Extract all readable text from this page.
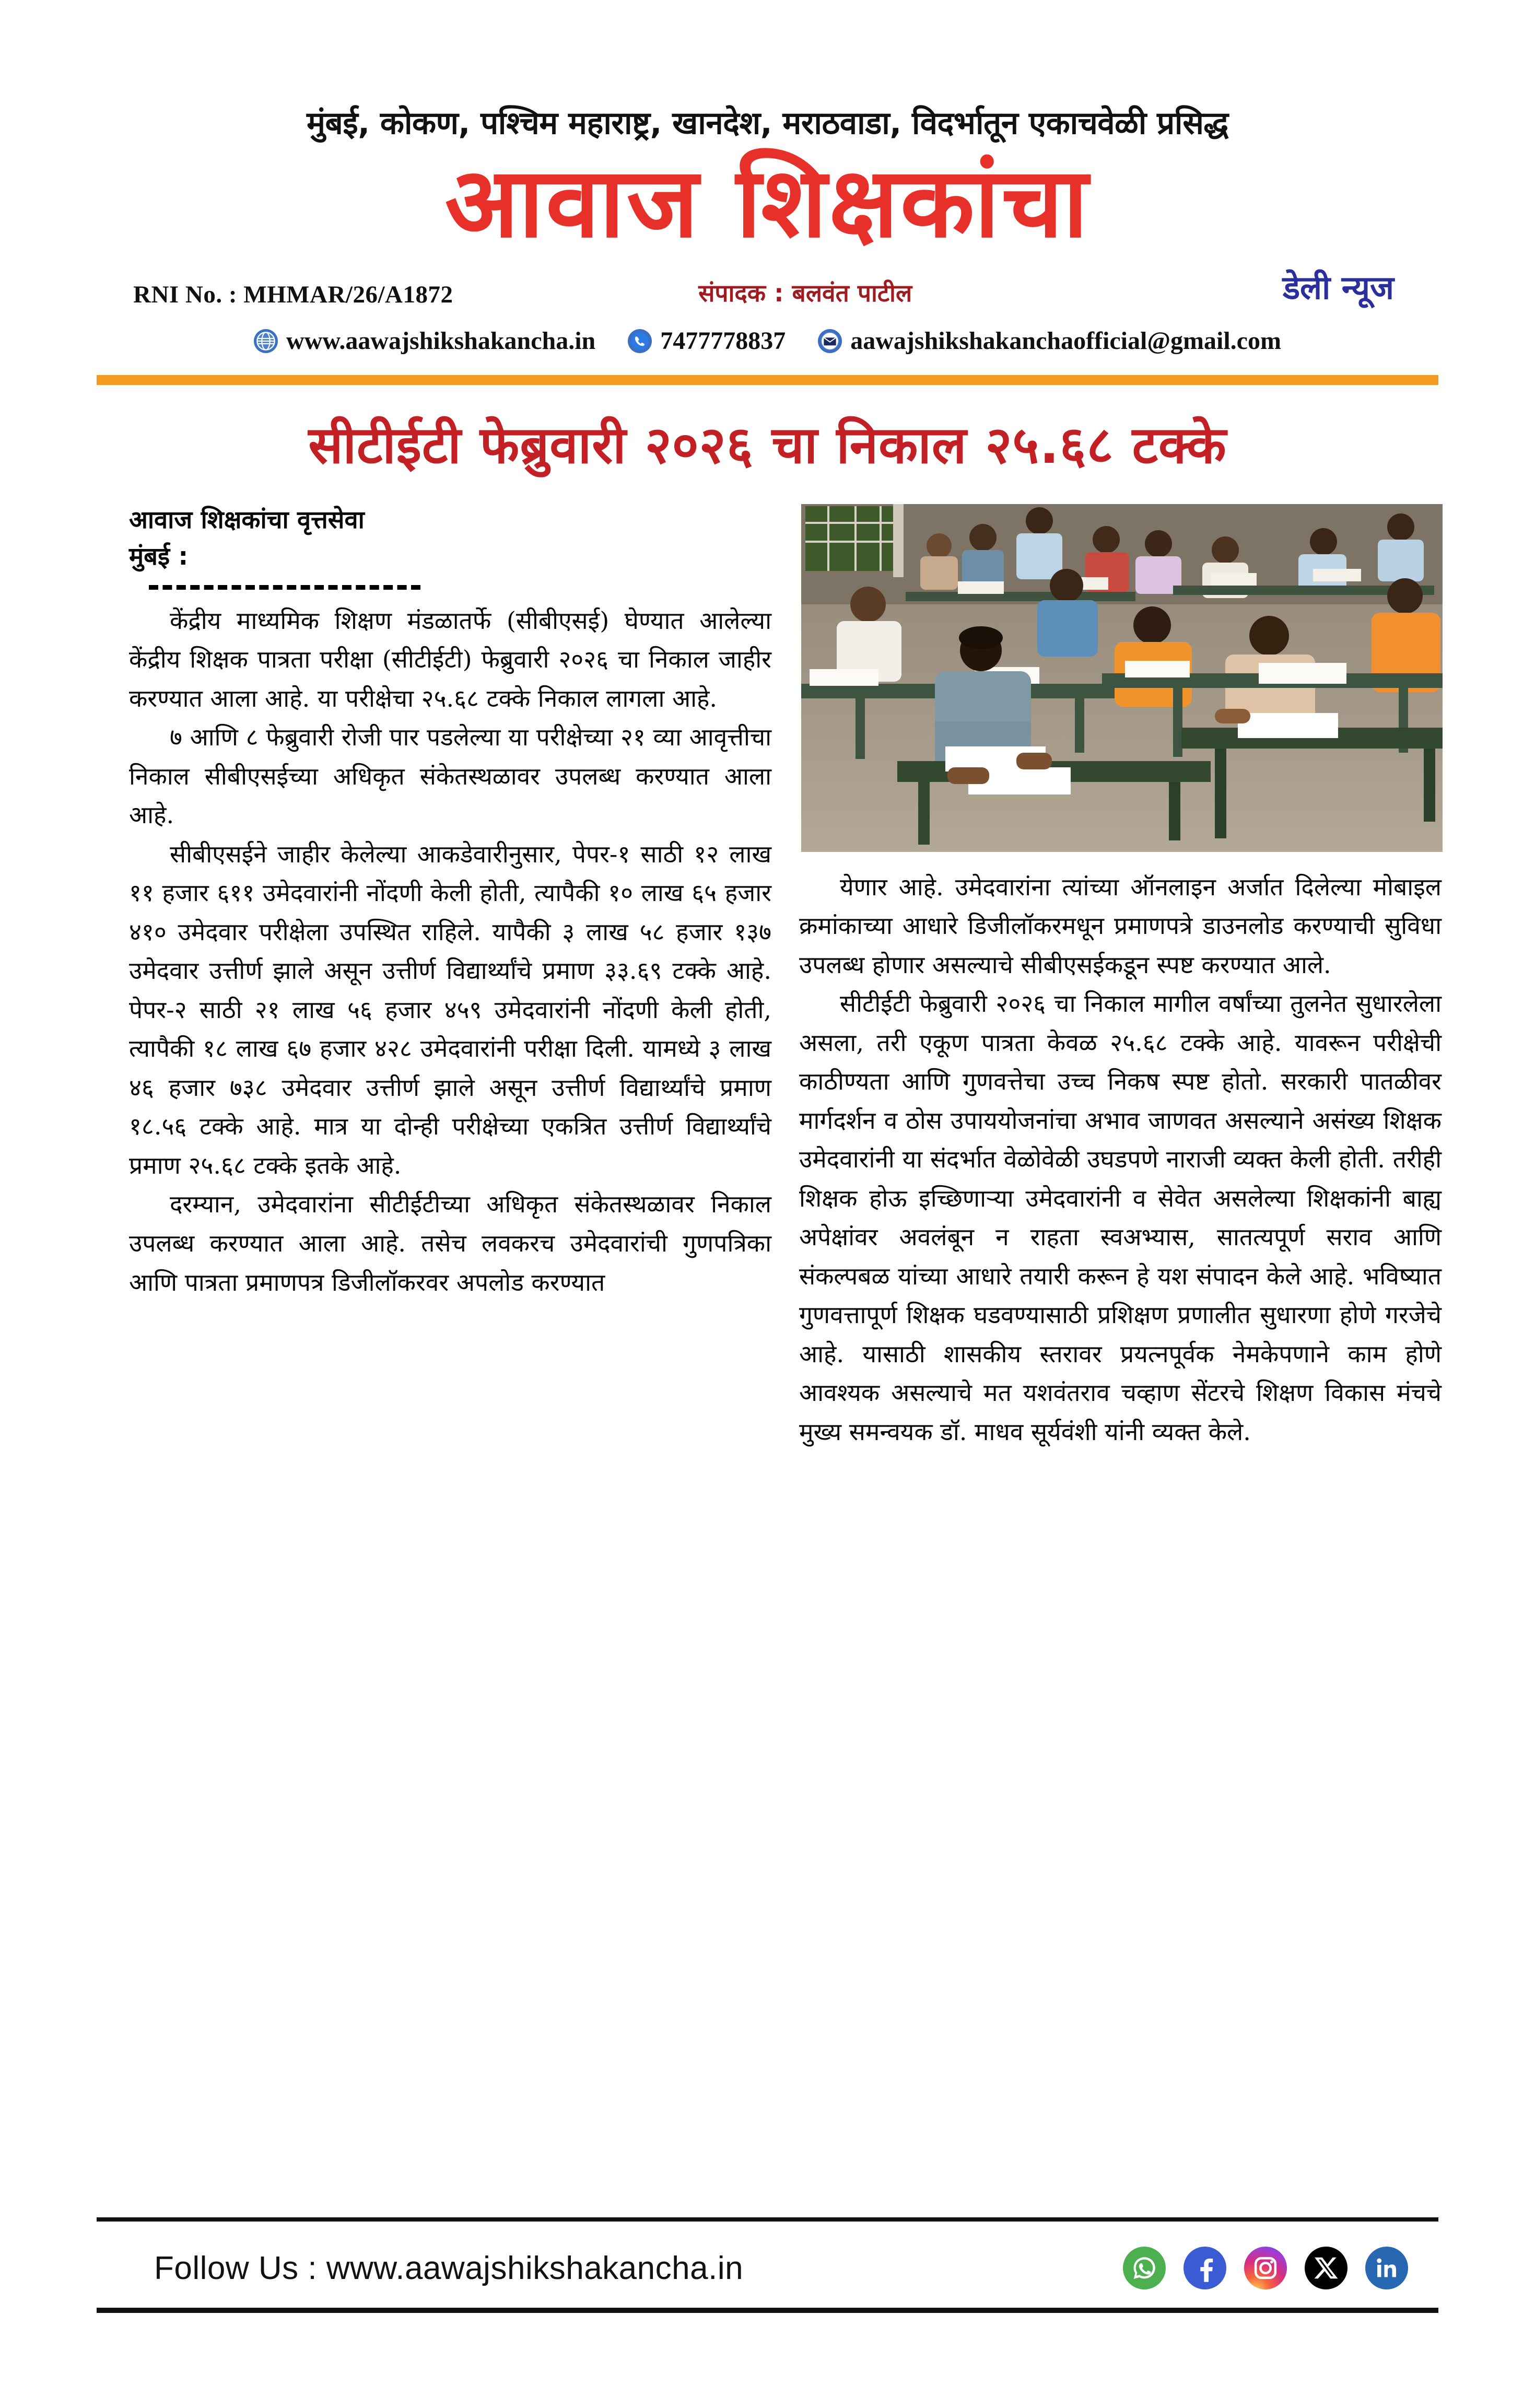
मुंबई, कोकण, पश्चिम महाराष्ट्र, खानदेश, मराठवाडा, विदर्भातून एकाचवेळी प्रसिद्ध
आवाज शिक्षकांचा
RNI No. : MHMAR/26/A1872	संपादक : बलवंत पाटील	डेली न्यूज
www.aawajshikshakancha.in	7477778837	aawajshikshakanchaofficial@gmail.com
सीटीईटी फेब्रुवारी २०२६ चा निकाल २५.६८ टक्के
आवाज शिक्षकांचा वृत्तसेवा
मुंबई :

केंद्रीय माध्यमिक शिक्षण मंडळातर्फे (सीबीएसई) घेण्यात आलेल्या केंद्रीय शिक्षक पात्रता परीक्षा (सीटीईटी) फेब्रुवारी २०२६ चा निकाल जाहीर करण्यात आला आहे. या परीक्षेचा २५.६८ टक्के निकाल लागला आहे.

७ आणि ८ फेब्रुवारी रोजी पार पडलेल्या या परीक्षेच्या २१ व्या आवृत्तीचा निकाल सीबीएसईच्या अधिकृत संकेतस्थळावर उपलब्ध करण्यात आला आहे.

सीबीएसईने जाहीर केलेल्या आकडेवारीनुसार, पेपर-१ साठी १२ लाख ११ हजार ६११ उमेदवारांनी नोंदणी केली होती, त्यापैकी १० लाख ६५ हजार ४१० उमेदवार परीक्षेला उपस्थित राहिले. यापैकी ३ लाख ५८ हजार १३७ उमेदवार उत्तीर्ण झाले असून उत्तीर्ण विद्यार्थ्यांचे प्रमाण ३३.६९ टक्के आहे. पेपर-२ साठी २१ लाख ५६ हजार ४५९ उमेदवारांनी नोंदणी केली होती, त्यापैकी १८ लाख ६७ हजार ४२८ उमेदवारांनी परीक्षा दिली. यामध्ये ३ लाख ४६ हजार ७३८ उमेदवार उत्तीर्ण झाले असून उत्तीर्ण विद्यार्थ्यांचे प्रमाण १८.५६ टक्के आहे. मात्र या दोन्ही परीक्षेच्या एकत्रित उत्तीर्ण विद्यार्थ्यांचे प्रमाण २५.६८ टक्के इतके आहे.

दरम्यान, उमेदवारांना सीटीईटीच्या अधिकृत संकेतस्थळावर निकाल उपलब्ध करण्यात आला आहे. तसेच लवकरच उमेदवारांची गुणपत्रिका आणि पात्रता प्रमाणपत्र डिजीलॉकरवर अपलोड करण्यात

येणार आहे. उमेदवारांना त्यांच्या ऑनलाइन अर्जात दिलेल्या मोबाइल क्रमांकाच्या आधारे डिजीलॉकरमधून प्रमाणपत्रे डाउनलोड करण्याची सुविधा उपलब्ध होणार असल्याचे सीबीएसईकडून स्पष्ट करण्यात आले.

सीटीईटी फेब्रुवारी २०२६ चा निकाल मागील वर्षांच्या तुलनेत सुधारलेला असला, तरी एकूण पात्रता केवळ २५.६८ टक्के आहे. यावरून परीक्षेची काठीण्यता आणि गुणवत्तेचा उच्च निकष स्पष्ट होतो. सरकारी पातळीवर मार्गदर्शन व ठोस उपाययोजनांचा अभाव जाणवत असल्याने असंख्य शिक्षक उमेदवारांनी या संदर्भात वेळोवेळी उघडपणे नाराजी व्यक्त केली होती. तरीही शिक्षक होऊ इच्छिणाऱ्या उमेदवारांनी व सेवेत असलेल्या शिक्षकांनी बाह्य अपेक्षांवर अवलंबून न राहता स्वअभ्यास, सातत्यपूर्ण सराव आणि संकल्पबळ यांच्या आधारे तयारी करून हे यश संपादन केले आहे. भविष्यात गुणवत्तापूर्ण शिक्षक घडवण्यासाठी प्रशिक्षण प्रणालीत सुधारणा होणे गरजेचे आहे. यासाठी शासकीय स्तरावर प्रयत्नपूर्वक नेमकेपणाने काम होणे आवश्यक असल्याचे मत यशवंतराव चव्हाण सेंटरचे शिक्षण विकास मंचचे मुख्य समन्वयक डॉ. माधव सूर्यवंशी यांनी व्यक्त केले.

Follow Us : www.aawajshikshakancha.in
